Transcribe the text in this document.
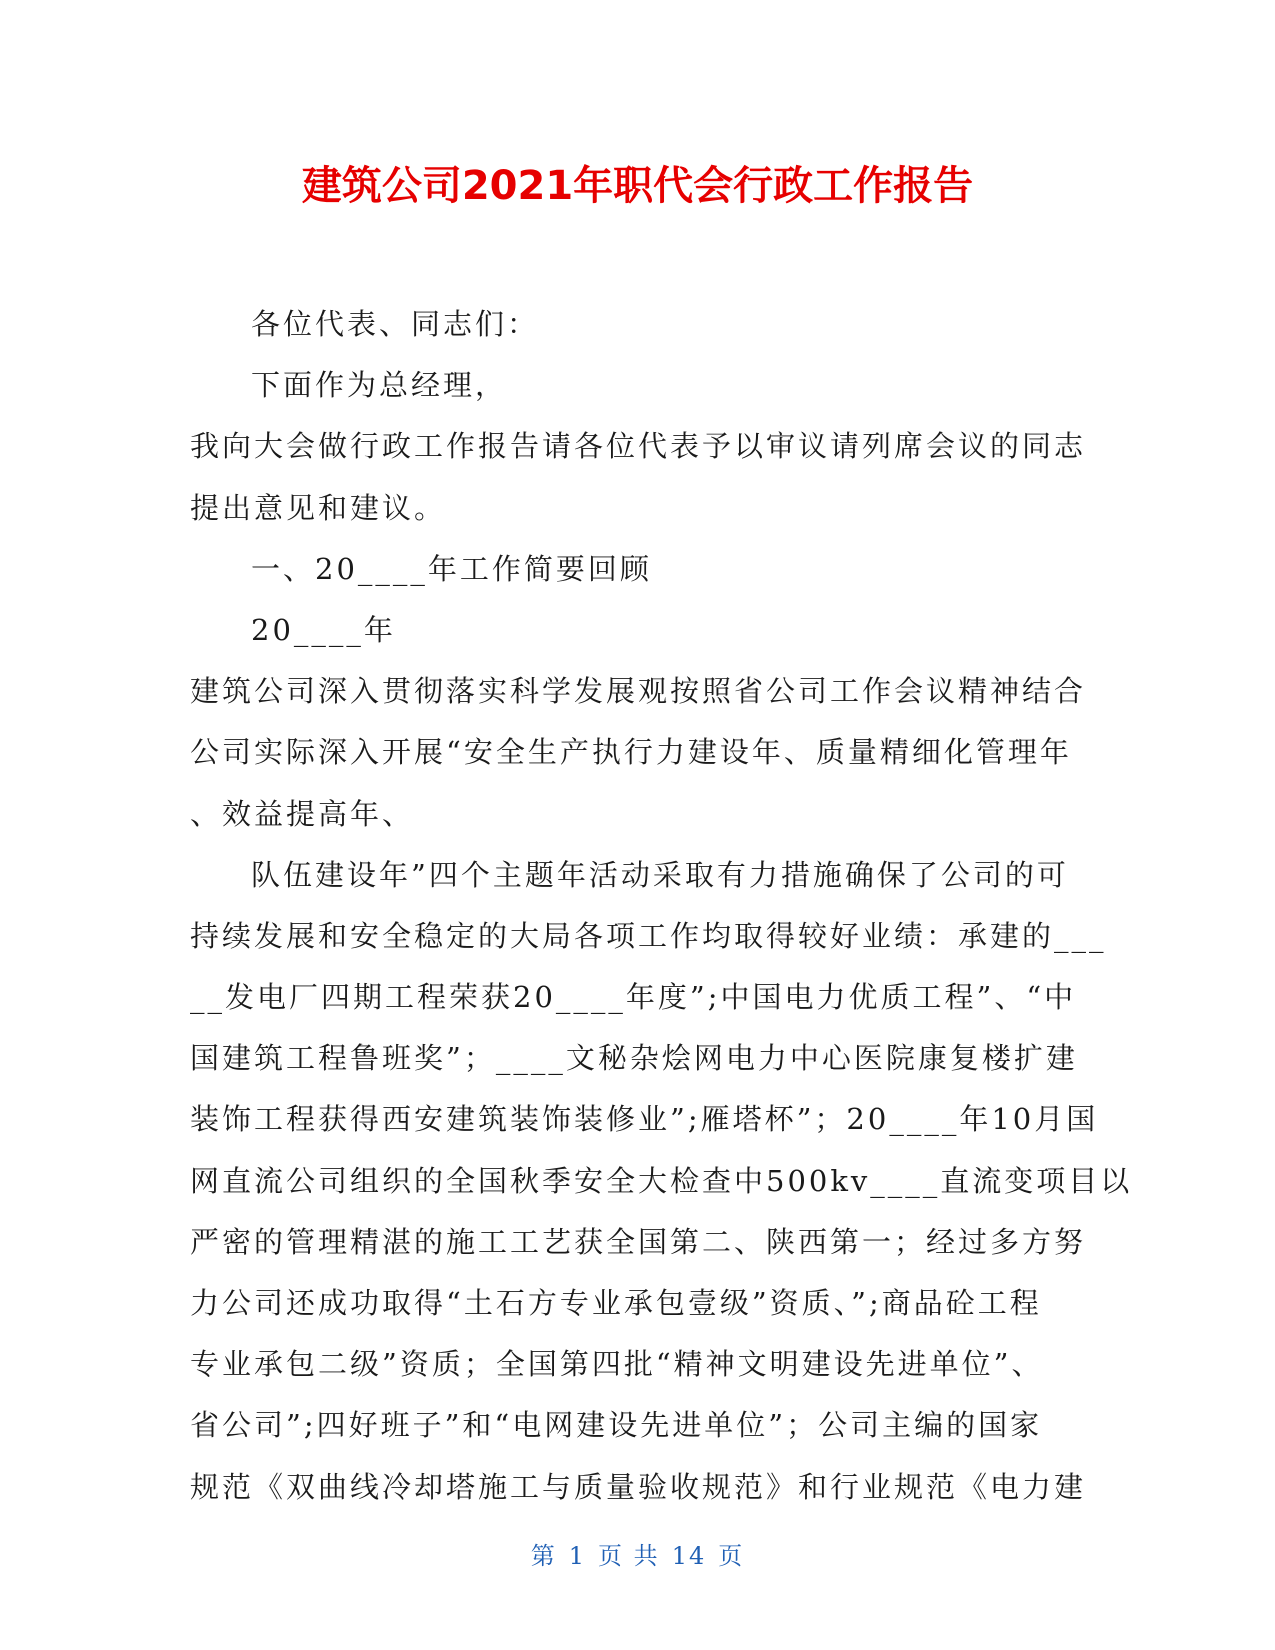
建筑公司2021年职代会行政工作报告
各位代表、同志们：
下面作为总经理，
我向大会做行政工作报告请各位代表予以审议请列席会议的同志
提出意见和建议。
一、20____年工作简要回顾
20____年
建筑公司深入贯彻落实科学发展观按照省公司工作会议精神结合
公司实际深入开展“安全生产执行力建设年、质量精细化管理年
、效益提高年、
队伍建设年”四个主题年活动采取有力措施确保了公司的可
持续发展和安全稳定的大局各项工作均取得较好业绩：承建的___
__发电厂四期工程荣获20____年度”;中国电力优质工程”、“中
国建筑工程鲁班奖”；____文秘杂烩网电力中心医院康复楼扩建
装饰工程获得西安建筑装饰装修业”;雁塔杯”；20____年10月国
网直流公司组织的全国秋季安全大检查中500kv____直流变项目以
严密的管理精湛的施工工艺获全国第二、陕西第一；经过多方努
力公司还成功取得“土石方专业承包壹级”资质、”;商品砼工程
专业承包二级”资质；全国第四批“精神文明建设先进单位”、
省公司”;四好班子”和“电网建设先进单位”；公司主编的国家
规范《双曲线冷却塔施工与质量验收规范》和行业规范《电力建
第 1 页 共 14 页
